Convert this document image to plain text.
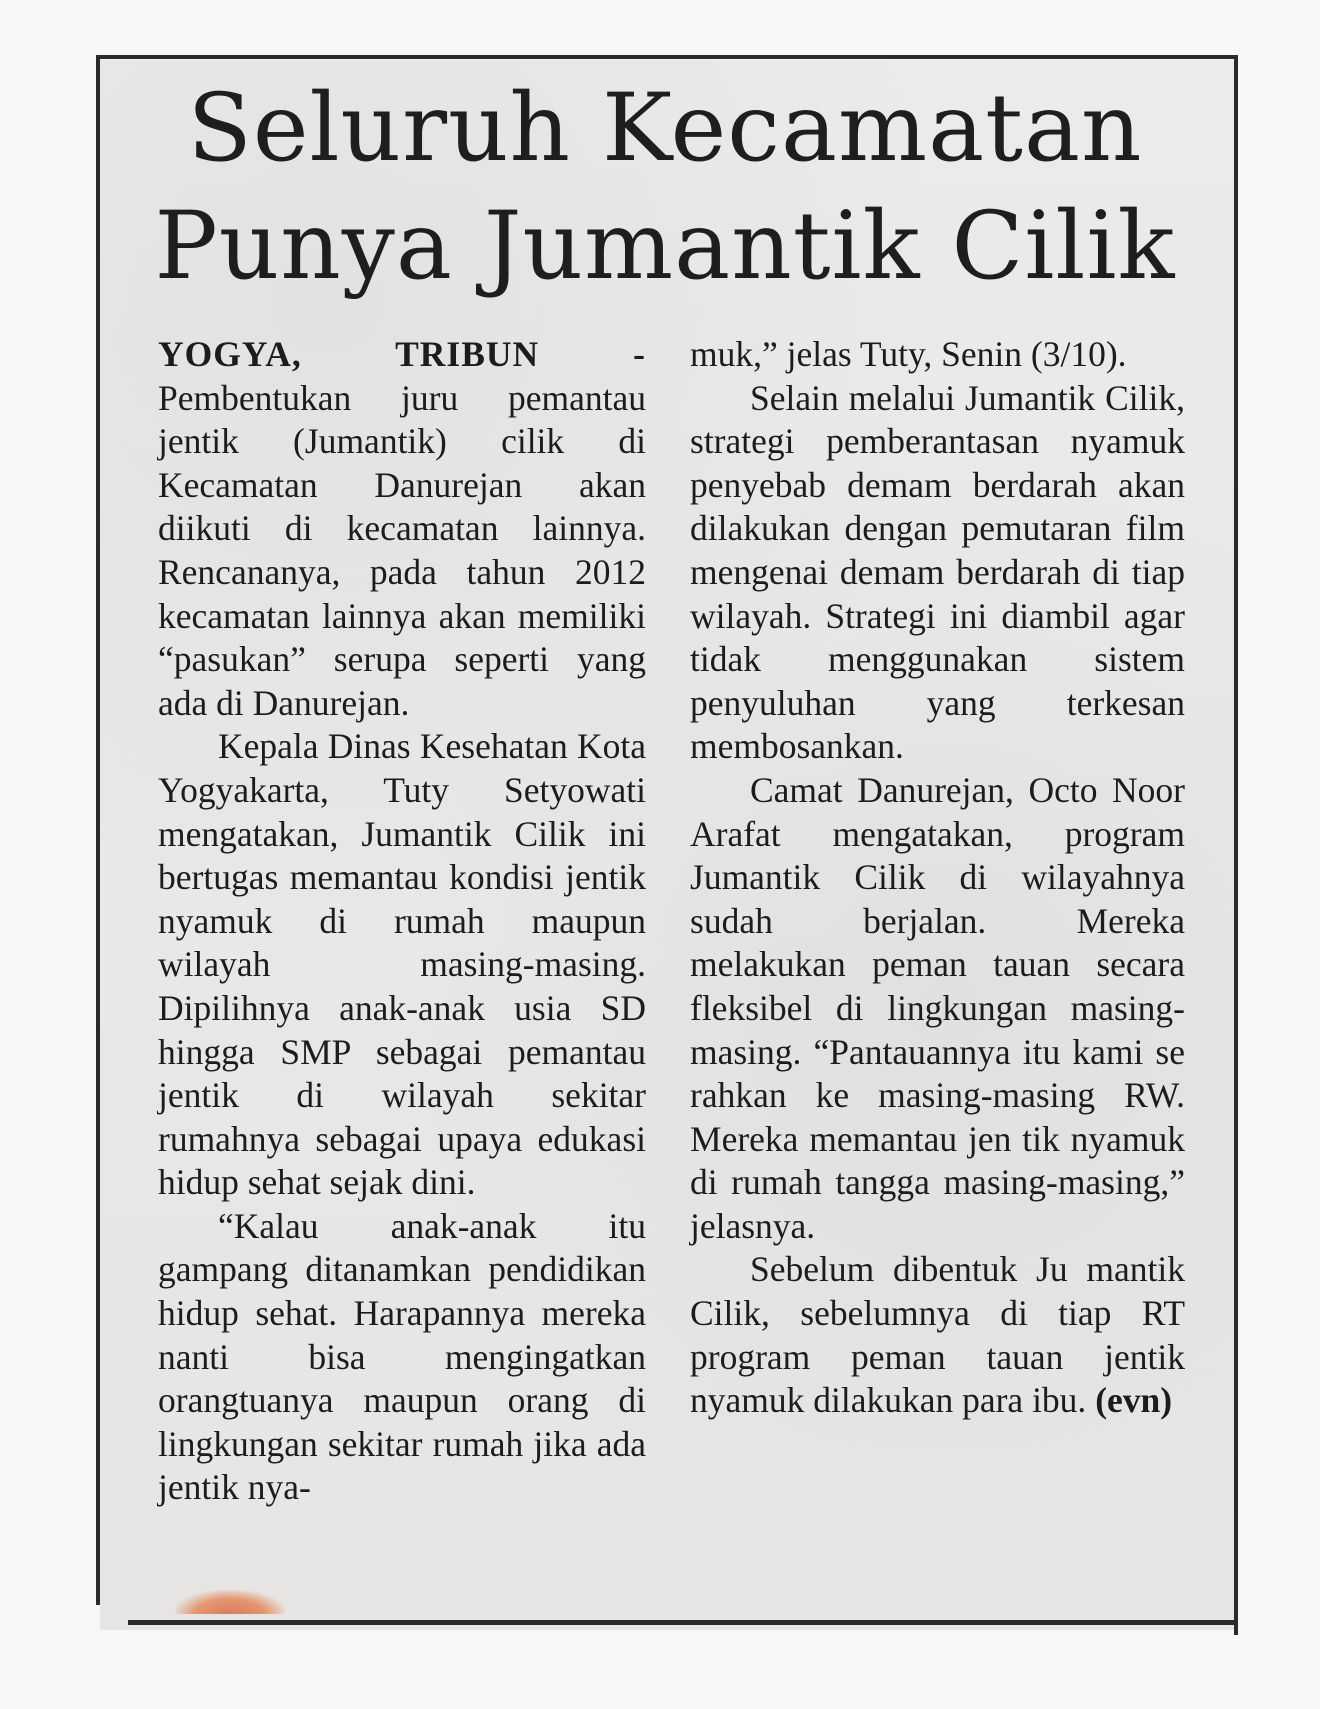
Seluruh Kecamatan
Punya Jumantik Cilik

YOGYA, TRIBUN - Pembentukan juru pemantau jentik (Jumantik) cilik di Kecamatan Danurejan akan diikuti di kecamatan lainnya. Rencananya, pada tahun 2012 kecamatan lainnya akan memiliki “pasukan” serupa seperti yang ada di Danurejan.

Kepala Dinas Kesehatan Kota Yogyakarta, Tuty Setyowati mengatakan, Jumantik Cilik ini bertugas memantau kondisi jentik nyamuk di rumah maupun wilayah masing-masing. Dipilihnya anak-anak usia SD hingga SMP sebagai pemantau jentik di wilayah sekitar rumahnya sebagai upaya edukasi hidup sehat sejak dini.

“Kalau anak-anak itu gampang ditanamkan pendidikan hidup sehat. Harapannya mereka nanti bisa mengingatkan orangtuanya maupun orang di lingkungan sekitar rumah jika ada jentik nya-

muk,” jelas Tuty, Senin (3/10).

Selain melalui Jumantik Cilik, strategi pemberantasan nyamuk penyebab demam berdarah akan dilakukan dengan pemutaran film mengenai demam berdarah di tiap wilayah. Strategi ini diambil agar tidak menggunakan sistem penyuluhan yang terkesan membosankan.

Camat Danurejan, Octo Noor Arafat mengatakan, program Jumantik Cilik di wilayahnya sudah berjalan. Mereka melakukan peman tauan secara fleksibel di lingkungan masing-masing. “Pantauannya itu kami se rahkan ke masing-masing RW. Mereka memantau jen tik nyamuk di rumah tangga masing-masing,” jelasnya.

Sebelum dibentuk Ju mantik Cilik, sebelumnya di tiap RT program peman tauan jentik nyamuk dilakukan para ibu. (evn)
